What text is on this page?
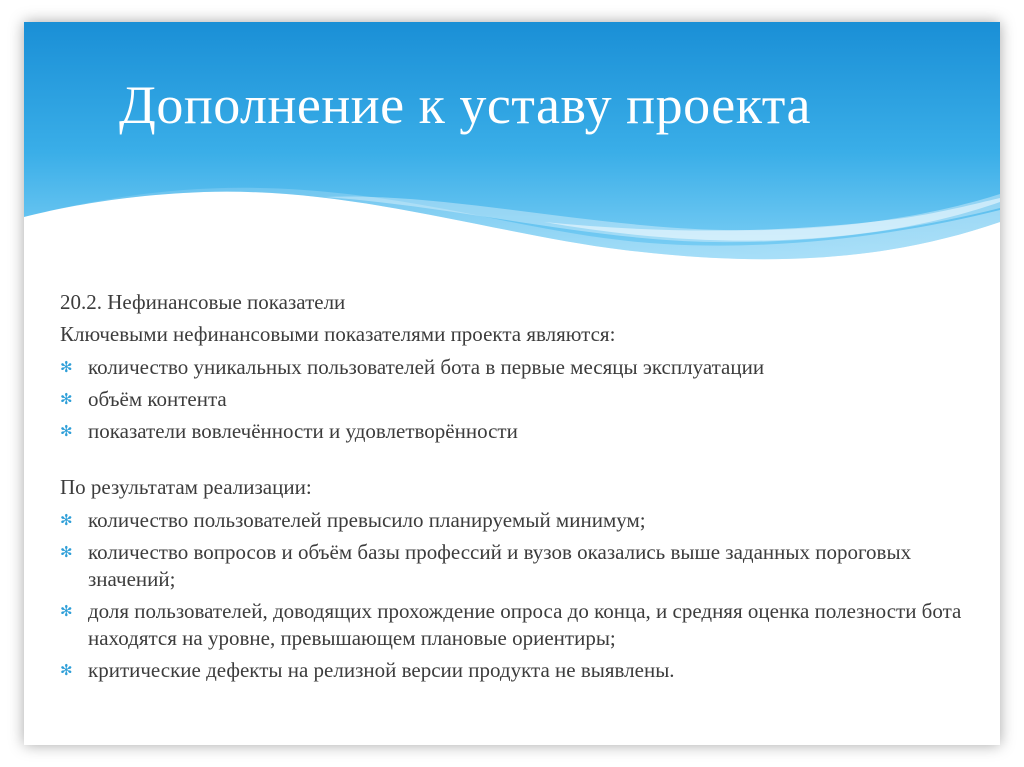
Дополнение к уставу проекта

20.2. Нефинансовые показатели

Ключевыми нефинансовыми показателями проекта являются:

✻ количество уникальных пользователей бота в первые месяцы эксплуатации
✻ объём контента
✻ показатели вовлечённости и удовлетворённости

По результатам реализации:

✻ количество пользователей превысило планируемый минимум;
✻ количество вопросов и объём базы профессий и вузов оказались выше заданных пороговых значений;
✻ доля пользователей, доводящих прохождение опроса до конца, и средняя оценка полезности бота находятся на уровне, превышающем плановые ориентиры;
✻ критические дефекты на релизной версии продукта не выявлены.
